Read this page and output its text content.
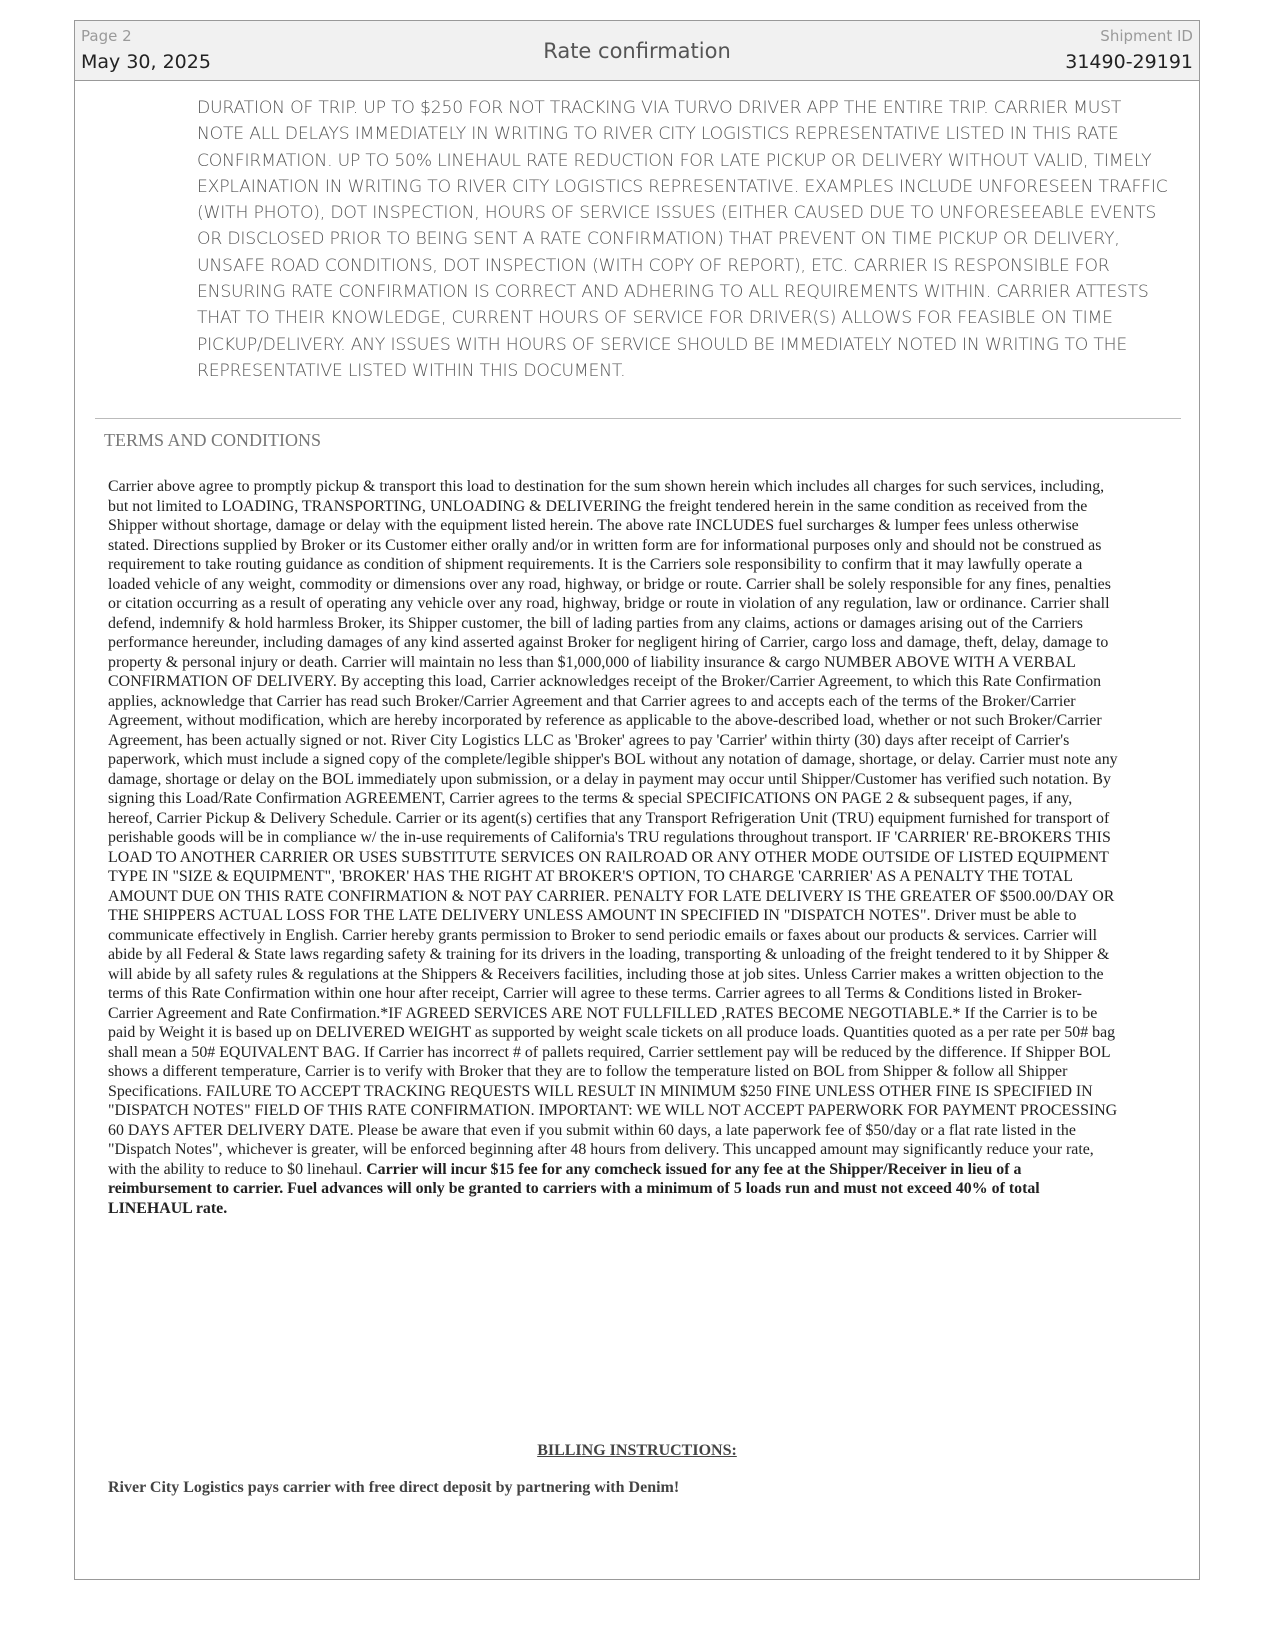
Page 2
May 30, 2025	Rate confirmation
Shipment ID
31490-29191
DURATION OF TRIP. UP TO $250 FOR NOT TRACKING VIA TURVO DRIVER APP THE ENTIRE TRIP. CARRIER MUST NOTE ALL DELAYS IMMEDIATELY IN WRITING TO RIVER CITY LOGISTICS REPRESENTATIVE LISTED IN THIS RATE CONFIRMATION. UP TO 50% LINEHAUL RATE REDUCTION FOR LATE PICKUP OR DELIVERY WITHOUT VALID, TIMELY EXPLAINATION IN WRITING TO RIVER CITY LOGISTICS REPRESENTATIVE. EXAMPLES INCLUDE UNFORESEEN TRAFFIC (WITH PHOTO), DOT INSPECTION, HOURS OF SERVICE ISSUES (EITHER CAUSED DUE TO UNFORESEEABLE EVENTS OR DISCLOSED PRIOR TO BEING SENT A RATE CONFIRMATION) THAT PREVENT ON TIME PICKUP OR DELIVERY, UNSAFE ROAD CONDITIONS, DOT INSPECTION (WITH COPY OF REPORT), ETC. CARRIER IS RESPONSIBLE FOR ENSURING RATE CONFIRMATION IS CORRECT AND ADHERING TO ALL REQUIREMENTS WITHIN. CARRIER ATTESTS THAT TO THEIR KNOWLEDGE, CURRENT HOURS OF SERVICE FOR DRIVER(S) ALLOWS FOR FEASIBLE ON TIME PICKUP/DELIVERY. ANY ISSUES WITH HOURS OF SERVICE SHOULD BE IMMEDIATELY NOTED IN WRITING TO THE REPRESENTATIVE LISTED WITHIN THIS DOCUMENT.
TERMS AND CONDITIONS
Carrier above agree to promptly pickup & transport this load to destination for the sum shown herein which includes all charges for such services, including, but not limited to LOADING, TRANSPORTING, UNLOADING & DELIVERING the freight tendered herein in the same condition as received from the Shipper without shortage, damage or delay with the equipment listed herein. The above rate INCLUDES fuel surcharges & lumper fees unless otherwise stated. Directions supplied by Broker or its Customer either orally and/or in written form are for informational purposes only and should not be construed as requirement to take routing guidance as condition of shipment requirements. It is the Carriers sole responsibility to confirm that it may lawfully operate a loaded vehicle of any weight, commodity or dimensions over any road, highway, or bridge or route. Carrier shall be solely responsible for any fines, penalties or citation occurring as a result of operating any vehicle over any road, highway, bridge or route in violation of any regulation, law or ordinance. Carrier shall defend, indemnify & hold harmless Broker, its Shipper customer, the bill of lading parties from any claims, actions or damages arising out of the Carriers performance hereunder, including damages of any kind asserted against Broker for negligent hiring of Carrier, cargo loss and damage, theft, delay, damage to property & personal injury or death. Carrier will maintain no less than $1,000,000 of liability insurance & cargo NUMBER ABOVE WITH A VERBAL CONFIRMATION OF DELIVERY. By accepting this load, Carrier acknowledges receipt of the Broker/Carrier Agreement, to which this Rate Confirmation applies, acknowledge that Carrier has read such Broker/Carrier Agreement and that Carrier agrees to and accepts each of the terms of the Broker/Carrier Agreement, without modification, which are hereby incorporated by reference as applicable to the above-described load, whether or not such Broker/Carrier Agreement, has been actually signed or not. River City Logistics LLC as 'Broker' agrees to pay 'Carrier' within thirty (30) days after receipt of Carrier's paperwork, which must include a signed copy of the complete/legible shipper's BOL without any notation of damage, shortage, or delay. Carrier must note any damage, shortage or delay on the BOL immediately upon submission, or a delay in payment may occur until Shipper/Customer has verified such notation. By signing this Load/Rate Confirmation AGREEMENT, Carrier agrees to the terms & special SPECIFICATIONS ON PAGE 2 & subsequent pages, if any, hereof, Carrier Pickup & Delivery Schedule. Carrier or its agent(s) certifies that any Transport Refrigeration Unit (TRU) equipment furnished for transport of perishable goods will be in compliance w/ the in-use requirements of California's TRU regulations throughout transport. IF 'CARRIER' RE-BROKERS THIS LOAD TO ANOTHER CARRIER OR USES SUBSTITUTE SERVICES ON RAILROAD OR ANY OTHER MODE OUTSIDE OF LISTED EQUIPMENT TYPE IN "SIZE & EQUIPMENT", 'BROKER' HAS THE RIGHT AT BROKER'S OPTION, TO CHARGE 'CARRIER' AS A PENALTY THE TOTAL AMOUNT DUE ON THIS RATE CONFIRMATION & NOT PAY CARRIER. PENALTY FOR LATE DELIVERY IS THE GREATER OF $500.00/DAY OR THE SHIPPERS ACTUAL LOSS FOR THE LATE DELIVERY UNLESS AMOUNT IN SPECIFIED IN "DISPATCH NOTES". Driver must be able to communicate effectively in English. Carrier hereby grants permission to Broker to send periodic emails or faxes about our products & services. Carrier will abide by all Federal & State laws regarding safety & training for its drivers in the loading, transporting & unloading of the freight tendered to it by Shipper & will abide by all safety rules & regulations at the Shippers & Receivers facilities, including those at job sites. Unless Carrier makes a written objection to the terms of this Rate Confirmation within one hour after receipt, Carrier will agree to these terms. Carrier agrees to all Terms & Conditions listed in Broker-Carrier Agreement and Rate Confirmation.*IF AGREED SERVICES ARE NOT FULLFILLED ,RATES BECOME NEGOTIABLE.* If the Carrier is to be paid by Weight it is based up on DELIVERED WEIGHT as supported by weight scale tickets on all produce loads. Quantities quoted as a per rate per 50# bag shall mean a 50# EQUIVALENT BAG. If Carrier has incorrect # of pallets required, Carrier settlement pay will be reduced by the difference. If Shipper BOL shows a different temperature, Carrier is to verify with Broker that they are to follow the temperature listed on BOL from Shipper & follow all Shipper Specifications. FAILURE TO ACCEPT TRACKING REQUESTS WILL RESULT IN MINIMUM $250 FINE UNLESS OTHER FINE IS SPECIFIED IN "DISPATCH NOTES" FIELD OF THIS RATE CONFIRMATION. IMPORTANT: WE WILL NOT ACCEPT PAPERWORK FOR PAYMENT PROCESSING 60 DAYS AFTER DELIVERY DATE. Please be aware that even if you submit within 60 days, a late paperwork fee of $50/day or a flat rate listed in the "Dispatch Notes", whichever is greater, will be enforced beginning after 48 hours from delivery. This uncapped amount may significantly reduce your rate, with the ability to reduce to $0 linehaul. Carrier will incur $15 fee for any comcheck issued for any fee at the Shipper/Receiver in lieu of a reimbursement to carrier. Fuel advances will only be granted to carriers with a minimum of 5 loads run and must not exceed 40% of total LINEHAUL rate.
BILLING INSTRUCTIONS:
River City Logistics pays carrier with free direct deposit by partnering with Denim!
